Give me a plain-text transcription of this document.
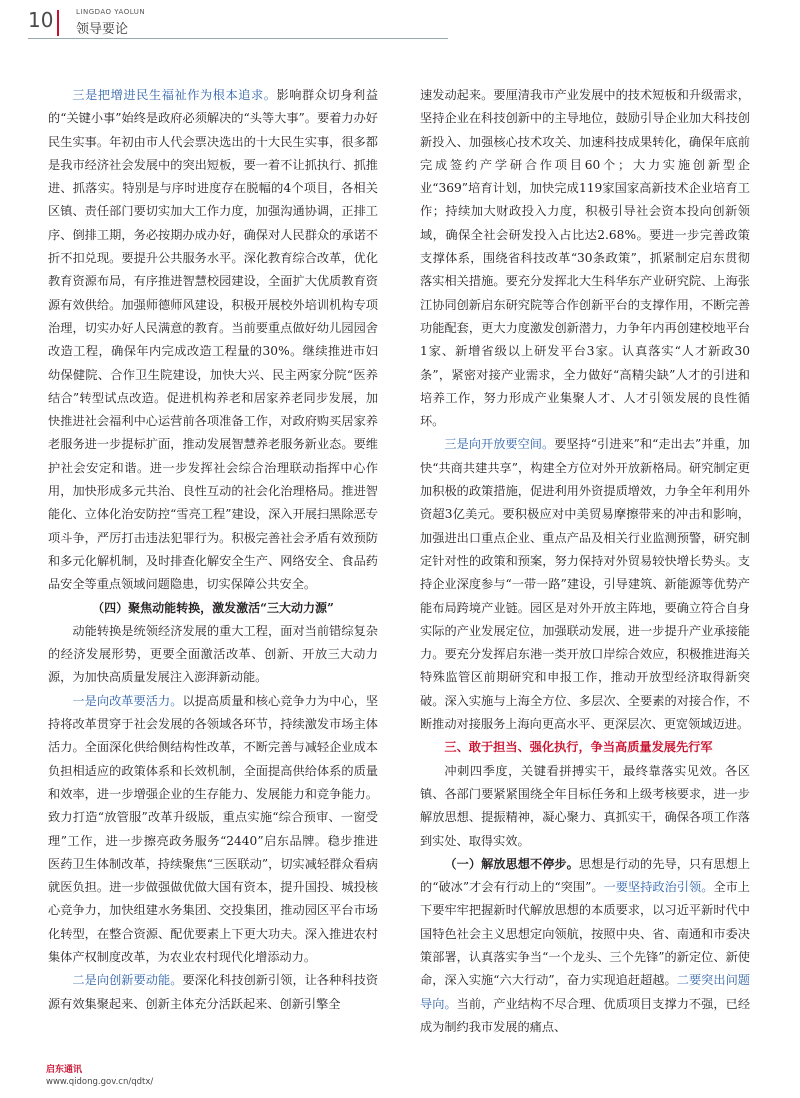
10	LINGDAO YAOLUN
领导要论

三是把增进民生福祉作为根本追求。影响群众切身利益的“关键小事”始终是政府必须解决的“头等大事”。要着力办好民生实事。年初由市人代会票决选出的十大民生实事，很多都是我市经济社会发展中的突出短板，要一着不让抓执行、抓推进、抓落实。特别是与序时进度存在脱幅的4个项目，各相关区镇、责任部门要切实加大工作力度，加强沟通协调，正排工序、倒排工期，务必按期办成办好，确保对人民群众的承诺不折不扣兑现。要提升公共服务水平。深化教育综合改革，优化教育资源布局，有序推进智慧校园建设，全面扩大优质教育资源有效供给。加强师德师风建设，积极开展校外培训机构专项治理，切实办好人民满意的教育。当前要重点做好幼儿园园舍改造工程，确保年内完成改造工程量的30%。继续推进市妇幼保健院、合作卫生院建设，加快大兴、民主两家分院“医养结合”转型试点改造。促进机构养老和居家养老同步发展，加快推进社会福利中心运营前各项准备工作，对政府购买居家养老服务进一步提标扩面，推动发展智慧养老服务新业态。要维护社会安定和谐。进一步发挥社会综合治理联动指挥中心作用，加快形成多元共治、良性互动的社会化治理格局。推进智能化、立体化治安防控“雪亮工程”建设，深入开展扫黑除恶专项斗争，严厉打击违法犯罪行为。积极完善社会矛盾有效预防和多元化解机制，及时排查化解安全生产、网络安全、食品药品安全等重点领域问题隐患，切实保障公共安全。

（四）聚焦动能转换，激发激活“三大动力源”

动能转换是统领经济发展的重大工程，面对当前错综复杂的经济发展形势，更要全面激活改革、创新、开放三大动力源，为加快高质量发展注入澎湃新动能。

一是向改革要活力。以提高质量和核心竞争力为中心，坚持将改革贯穿于社会发展的各领域各环节，持续激发市场主体活力。全面深化供给侧结构性改革，不断完善与减轻企业成本负担相适应的政策体系和长效机制，全面提高供给体系的质量和效率，进一步增强企业的生存能力、发展能力和竞争能力。致力打造“放管服”改革升级版，重点实施“综合预审、一窗受理”工作，进一步擦亮政务服务“2440”启东品牌。稳步推进医药卫生体制改革，持续聚焦“三医联动”，切实减轻群众看病就医负担。进一步做强做优做大国有资本，提升国投、城投核心竞争力，加快组建水务集团、交投集团，推动园区平台市场化转型，在整合资源、配优要素上下更大功夫。深入推进农村集体产权制度改革，为农业农村现代化增添动力。

二是向创新要动能。要深化科技创新引领，让各种科技资源有效集聚起来、创新主体充分活跃起来、创新引擎全

速发动起来。要厘清我市产业发展中的技术短板和升级需求，坚持企业在科技创新中的主导地位，鼓励引导企业加大科技创新投入、加强核心技术攻关、加速科技成果转化，确保年底前完成签约产学研合作项目60个；大力实施创新型企业“369”培育计划，加快完成119家国家高新技术企业培育工作；持续加大财政投入力度，积极引导社会资本投向创新领域，确保全社会研发投入占比达2.68%。要进一步完善政策支撑体系，围绕省科技改革“30条政策”，抓紧制定启东贯彻落实相关措施。要充分发挥北大生科华东产业研究院、上海张江协同创新启东研究院等合作创新平台的支撑作用，不断完善功能配套，更大力度激发创新潜力，力争年内再创建校地平台1家、新增省级以上研发平台3家。认真落实“人才新政30条”，紧密对接产业需求，全力做好“高精尖缺”人才的引进和培养工作，努力形成产业集聚人才、人才引领发展的良性循环。

三是向开放要空间。要坚持“引进来”和“走出去”并重，加快“共商共建共享”，构建全方位对外开放新格局。研究制定更加积极的政策措施，促进利用外资提质增效，力争全年利用外资超3亿美元。要积极应对中美贸易摩擦带来的冲击和影响，加强进出口重点企业、重点产品及相关行业监测预警，研究制定针对性的政策和预案，努力保持对外贸易较快增长势头。支持企业深度参与“一带一路”建设，引导建筑、新能源等优势产能布局跨境产业链。园区是对外开放主阵地，要确立符合自身实际的产业发展定位，加强联动发展，进一步提升产业承接能力。要充分发挥启东港一类开放口岸综合效应，积极推进海关特殊监管区前期研究和申报工作，推动开放型经济取得新突破。深入实施与上海全方位、多层次、全要素的对接合作，不断推动对接服务上海向更高水平、更深层次、更宽领域迈进。

三、敢于担当、强化执行，争当高质量发展先行军

冲刺四季度，关键看拼搏实干，最终靠落实见效。各区镇、各部门要紧紧围绕全年目标任务和上级考核要求，进一步解放思想、提振精神，凝心聚力、真抓实干，确保各项工作落到实处、取得实效。

（一）解放思想不停步。思想是行动的先导，只有思想上的“破冰”才会有行动上的“突围”。一要坚持政治引领。全市上下要牢牢把握新时代解放思想的本质要求，以习近平新时代中国特色社会主义思想定向领航，按照中央、省、南通和市委决策部署，认真落实争当“一个龙头、三个先锋”的新定位、新使命，深入实施“六大行动”，奋力实现追赶超越。二要突出问题导向。当前，产业结构不尽合理、优质项目支撑力不强，已经成为制约我市发展的痛点、

启东通讯
www.qidong.gov.cn/qdtx/
